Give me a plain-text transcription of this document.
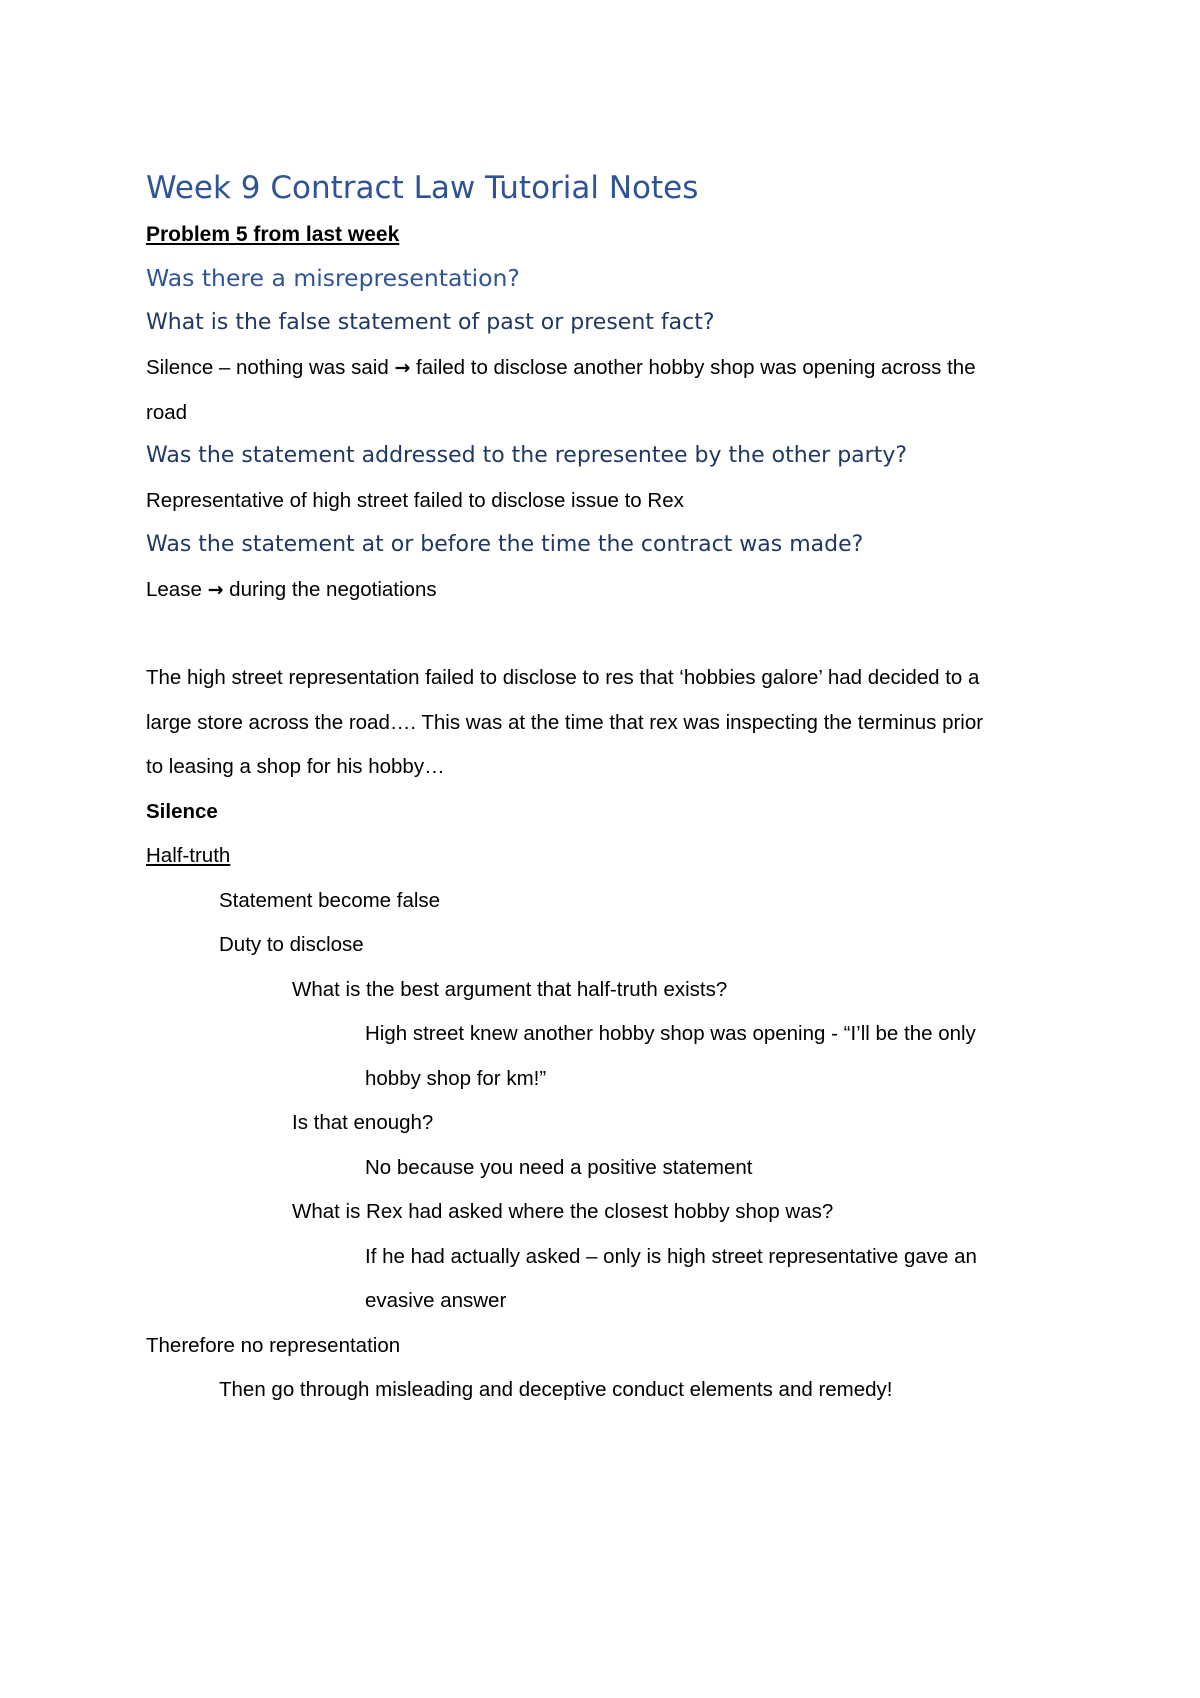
Week 9 Contract Law Tutorial Notes
Problem 5 from last week
Was there a misrepresentation?
What is the false statement of past or present fact?
Silence – nothing was said → failed to disclose another hobby shop was opening across the
road
Was the statement addressed to the representee by the other party?
Representative of high street failed to disclose issue to Rex
Was the statement at or before the time the contract was made?
Lease → during the negotiations
The high street representation failed to disclose to res that ‘hobbies galore’ had decided to a
large store across the road…. This was at the time that rex was inspecting the terminus prior
to leasing a shop for his hobby…
Silence
Half-truth
Statement become false
Duty to disclose
What is the best argument that half-truth exists?
High street knew another hobby shop was opening - “I’ll be the only
hobby shop for km!”
Is that enough?
No because you need a positive statement
What is Rex had asked where the closest hobby shop was?
If he had actually asked – only is high street representative gave an
evasive answer
Therefore no representation
Then go through misleading and deceptive conduct elements and remedy!
